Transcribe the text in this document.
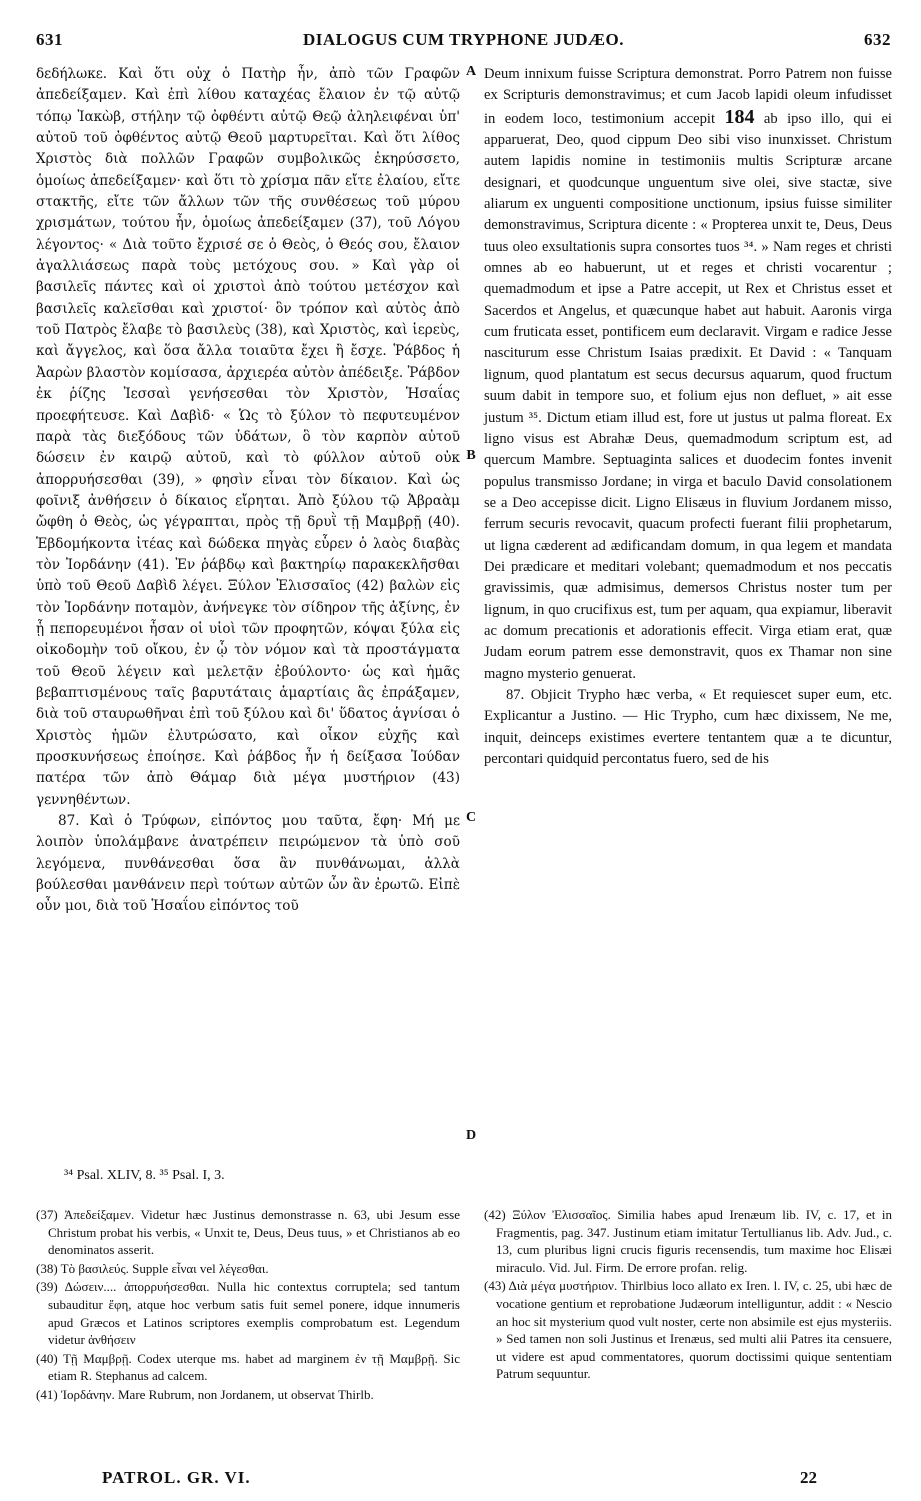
631	DIALOGUS CUM TRYPHONE JUDÆO.	632

δεδήλωκε. Καὶ ὅτι οὐχ ὁ Πατὴρ ἦν, ἀπὸ τῶν Γραφῶν ἀπεδείξαμεν. Καὶ ἐπὶ λίθου καταχέας ἔλαιον ἐν τῷ αὐτῷ τόπῳ Ἰακὼβ, στήλην τῷ ὀφθέντι αὐτῷ Θεῷ ἀληλειφέναι ὑπ' αὐτοῦ τοῦ ὀφθέντος αὐτῷ Θεοῦ μαρτυρεῖται. Καὶ ὅτι λίθος Χριστὸς διὰ πολλῶν Γραφῶν συμβολικῶς ἐκηρύσσετο, ὁμοίως ἀπεδείξαμεν· καὶ ὅτι τὸ χρίσμα πᾶν εἴτε ἐλαίου, εἴτε στακτῆς, εἴτε τῶν ἄλλων τῶν τῆς συνθέσεως τοῦ μύρου χρισμάτων, τούτου ἦν, ὁμοίως ἀπεδείξαμεν (37), τοῦ Λόγου λέγοντος· « Διὰ τοῦτο ἔχρισέ σε ὁ Θεὸς, ὁ Θεός σου, ἔλαιον ἀγαλλιάσεως παρὰ τοὺς μετόχους σου. » Καὶ γὰρ οἱ βασιλεῖς πάντες καὶ οἱ χριστοὶ ἀπὸ τούτου μετέσχον καὶ βασιλεῖς καλεῖσθαι καὶ χριστοί· ὃν τρόπον καὶ αὐτὸς ἀπὸ τοῦ Πατρὸς ἔλαβε τὸ βασιλεὺς (38), καὶ Χριστὸς, καὶ ἱερεὺς, καὶ ἄγγελος, καὶ ὅσα ἄλλα τοιαῦτα ἔχει ἢ ἔσχε. Ῥάβδος ἡ Ἀαρὼν βλαστὸν κομίσασα, ἀρχιερέα αὐτὸν ἀπέδειξε. Ῥάβδον ἐκ ῥίζης Ἰεσσαὶ γενήσεσθαι τὸν Χριστὸν, Ἡσαΐας προεφήτευσε. Καὶ Δαβὶδ· « Ὡς τὸ ξύλον τὸ πεφυτευμένον παρὰ τὰς διεξόδους τῶν ὑδάτων, ὃ τὸν καρπὸν αὐτοῦ δώσειν ἐν καιρῷ αὐτοῦ, καὶ τὸ φύλλον αὐτοῦ οὐκ ἀπορρυήσεσθαι (39), » φησὶν εἶναι τὸν δίκαιον. Καὶ ὡς φοῖνιξ ἀνθήσειν ὁ δίκαιος εἴρηται. Ἀπὸ ξύλου τῷ Ἀβραὰμ ὤφθη ὁ Θεὸς, ὡς γέγραπται, πρὸς τῇ δρυῒ τῇ Μαμβρῇ (40). Ἑβδομήκοντα ἰτέας καὶ δώδεκα πηγὰς εὗρεν ὁ λαὸς διαβὰς τὸν Ἰορδάνην (41). Ἐν ῥάβδῳ καὶ βακτηρίῳ παρακεκλῆσθαι ὑπὸ τοῦ Θεοῦ Δαβὶδ λέγει. Ξύλον Ἐλισσαῖος (42) βαλὼν εἰς τὸν Ἰορδάνην ποταμὸν, ἀνήνεγκε τὸν σίδηρον τῆς ἀξίνης, ἐν ᾗ πεπορευμένοι ἦσαν οἱ υἱοὶ τῶν προφητῶν, κόψαι ξύλα εἰς οἰκοδομὴν τοῦ οἴκου, ἐν ᾧ τὸν νόμον καὶ τὰ προστάγματα τοῦ Θεοῦ λέγειν καὶ μελετᾷν ἐβούλοντο· ὡς καὶ ἡμᾶς βεβαπτισμένους ταῖς βαρυτάταις ἁμαρτίαις ἃς ἐπράξαμεν, διὰ τοῦ σταυρωθῆναι ἐπὶ τοῦ ξύλου καὶ δι' ὕδατος ἁγνίσαι ὁ Χριστὸς ἡμῶν ἐλυτρώσατο, καὶ οἶκον εὐχῆς καὶ προσκυνήσεως ἐποίησε. Καὶ ῥάβδος ἦν ἡ δείξασα Ἰούδαν πατέρα τῶν ἀπὸ Θάμαρ διὰ μέγα μυστήριον (43) γεννηθέντων.

87. Καὶ ὁ Τρύφων, εἰπόντος μου ταῦτα, ἔφη· Μή με λοιπὸν ὑπολάμβανε ἀνατρέπειν πειρώμενον τὰ ὑπὸ σοῦ λεγόμενα, πυνθάνεσθαι ὅσα ἂν πυνθάνωμαι, ἀλλὰ βούλεσθαι μανθάνειν περὶ τούτων αὐτῶν ὧν ἂν ἐρωτῶ. Εἰπὲ οὖν μοι, διὰ τοῦ Ἡσαΐου εἰπόντος τοῦ

A
B
C
D

Deum innixum fuisse Scriptura demonstrat. Porro Patrem non fuisse ex Scripturis demonstravimus; et cum Jacob lapidi oleum infudisset in eodem loco, testimonium accepit 184 ab ipso illo, qui ei apparuerat, Deo, quod cippum Deo sibi viso inunxisset. Christum autem lapidis nomine in testimoniis multis Scripturæ arcane designari, et quodcunque unguentum sive olei, sive stactæ, sive aliarum ex unguenti compositione unctionum, ipsius fuisse similiter demonstravimus, Scriptura dicente : « Propterea unxit te, Deus, Deus tuus oleo exsultationis supra consortes tuos ³⁴. » Nam reges et christi omnes ab eo habuerunt, ut et reges et christi vocarentur ; quemadmodum et ipse a Patre accepit, ut Rex et Christus esset et Sacerdos et Angelus, et quæcunque habet aut habuit. Aaronis virga cum fruticata esset, pontificem eum declaravit. Virgam e radice Jesse nasciturum esse Christum Isaias prædixit. Et David : « Tanquam lignum, quod plantatum est secus decursus aquarum, quod fructum suum dabit in tempore suo, et folium ejus non defluet, » ait esse justum ³⁵. Dictum etiam illud est, fore ut justus ut palma floreat. Ex ligno visus est Abrahæ Deus, quemadmodum scriptum est, ad quercum Mambre. Septuaginta salices et duodecim fontes invenit populus transmisso Jordane; in virga et baculo David consolationem se a Deo accepisse dicit. Ligno Elisæus in fluvium Jordanem misso, ferrum securis revocavit, quacum profecti fuerant filii prophetarum, ut ligna cæderent ad ædificandam domum, in qua legem et mandata Dei prædicare et meditari volebant; quemadmodum et nos peccatis gravissimis, quæ admisimus, demersos Christus noster tum per lignum, in quo crucifixus est, tum per aquam, qua expiamur, liberavit ac domum precationis et adorationis effecit. Virga etiam erat, quæ Judam eorum patrem esse demonstravit, quos ex Thamar non sine magno mysterio genuerat.

87. Objicit Trypho hæc verba, « Et requiescet super eum, etc. Explicantur a Justino. — Hic Trypho, cum hæc dixissem, Ne me, inquit, deinceps existimes evertere tentantem quæ a te dicuntur, percontari quidquid percontatus fuero, sed de his

³⁴ Psal. XLIV, 8. ³⁵ Psal. I, 3.

(37) Ἀπεδείξαμεν. Videtur hæc Justinus demonstrasse n. 63, ubi Jesum esse Christum probat his verbis, « Unxit te, Deus, Deus tuus, » et Christianos ab eo denominatos asserit.

(38) Τὸ βασιλεύς. Supple εἶναι vel λέγεσθαι.

(39) Δώσειν.... ἀπορρυήσεσθαι. Nulla hic contextus corruptela; sed tantum subauditur ἔφη, atque hoc verbum satis fuit semel ponere, idque innumeris apud Græcos et Latinos scriptores exemplis comprobatum est. Legendum videtur ἀνθήσειν

(40) Τῇ Μαμβρῇ. Codex uterque ms. habet ad marginem ἐν τῇ Μαμβρῇ. Sic etiam R. Stephanus ad calcem.

(41) Ἰορδάνην. Mare Rubrum, non Jordanem, ut observat Thirlb.

(42) Ξύλον Ἐλισσαῖος. Similia habes apud Irenæum lib. IV, c. 17, et in Fragmentis, pag. 347. Justinum etiam imitatur Tertullianus lib. Adv. Jud., c. 13, cum pluribus ligni crucis figuris recensendis, tum maxime hoc Elisæi miraculo. Vid. Jul. Firm. De errore profan. relig.

(43) Διὰ μέγα μυστήριον. Thirlbius loco allato ex Iren. l. IV, c. 25, ubi hæc de vocatione gentium et reprobatione Judæorum intelliguntur, addit : « Nescio an hoc sit mysterium quod vult noster, certe non absimile est ejus mysteriis. » Sed tamen non soli Justinus et Irenæus, sed multi alii Patres ita censuere, ut videre est apud commentatores, quorum doctissimi quique sententiam Patrum sequuntur.

PATROL. GR. VI.	22
